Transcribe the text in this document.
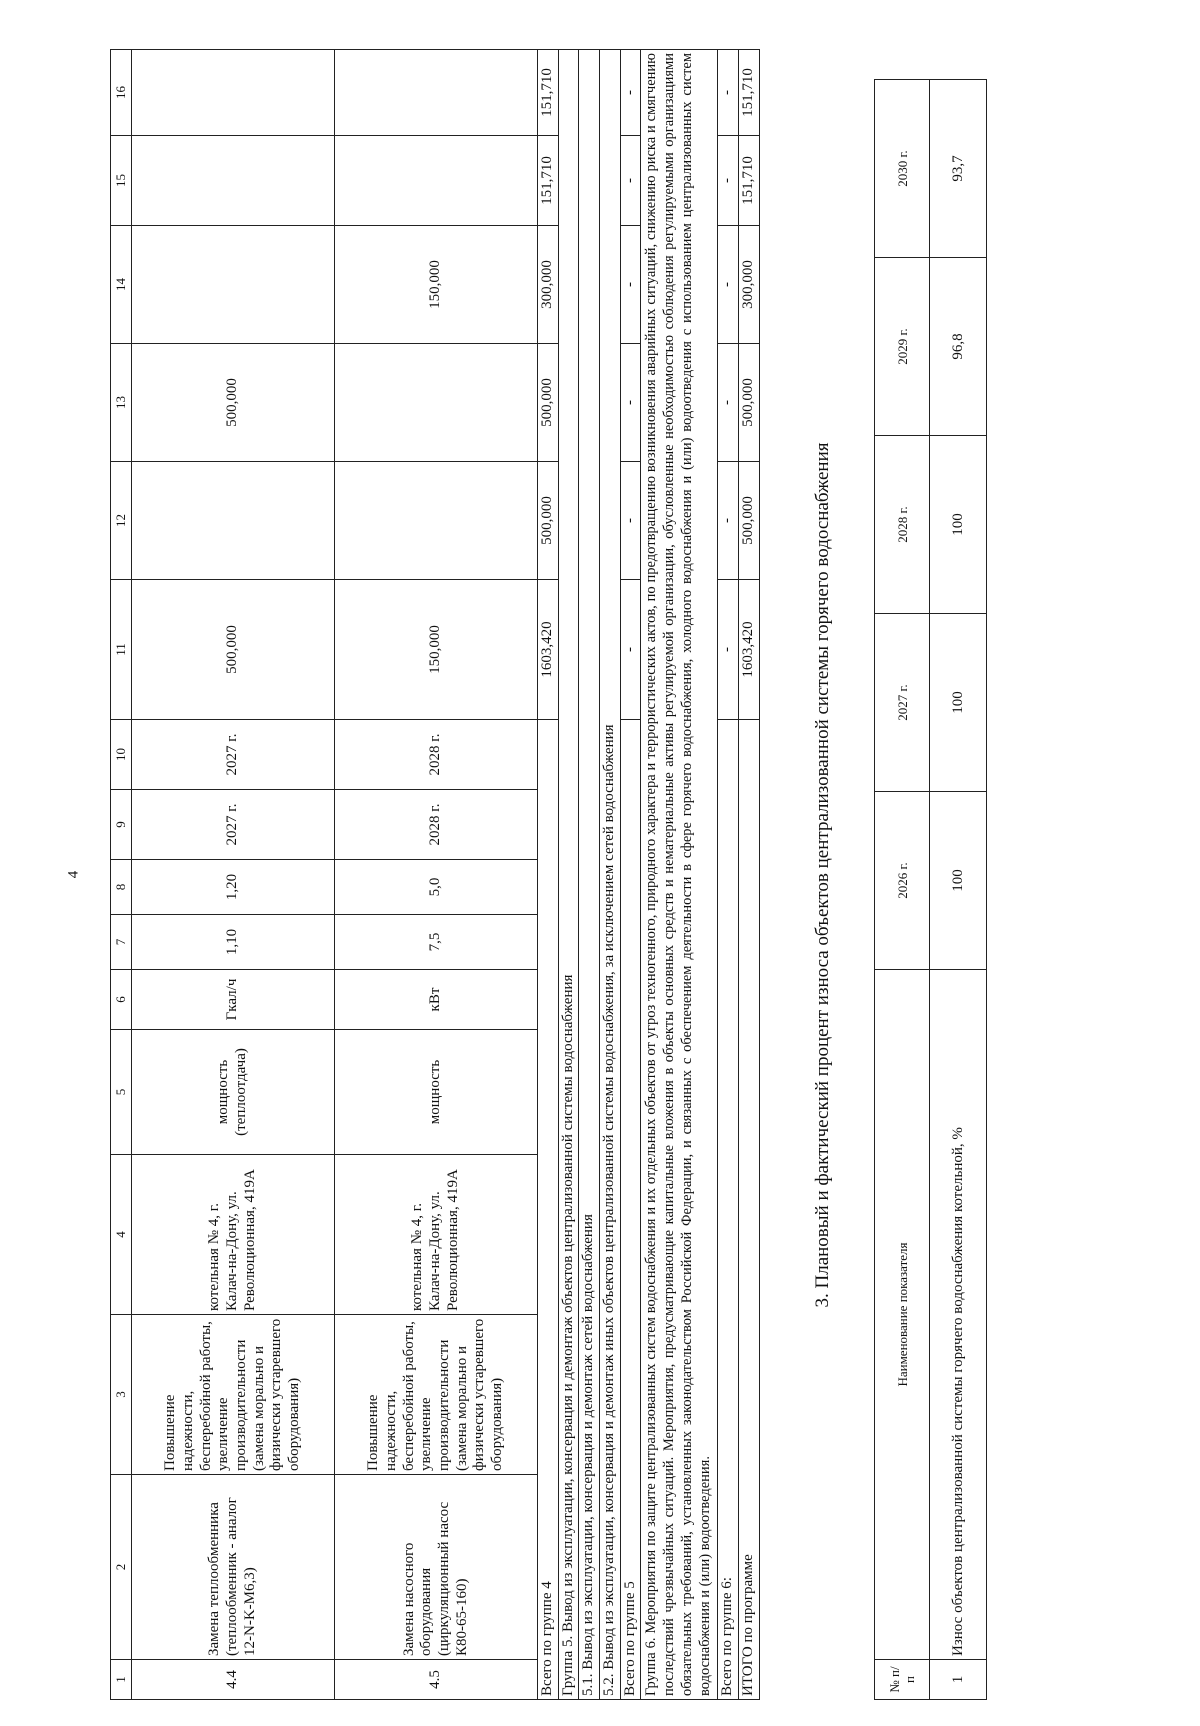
4
1	2	3	4	5	6	7	8	9	10	11	12	13	14	15	16
4.4	Замена теплообменника (теплообменник - аналог 12-N-K-M6,3)	Повышение надежности, бесперебойной работы, увеличение производительности (замена морально и физически устаревшего оборудования)	котельная № 4, г. Калач-на-Дону, ул. Революционная, 419А	мощность (теплоотдача)	Гкал/ч	1,10	1,20	2027 г.	2027 г.	500,000		500,000			
4.5	Замена насосного оборудования (циркуляционный насос К80-65-160)	Повышение надежности, бесперебойной работы, увеличение производительности (замена морально и физически устаревшего оборудования)	котельная № 4, г. Калач-на-Дону, ул. Революционная, 419А	мощность	кВт	7,5	5,0	2028 г.	2028 г.	150,000			150,000		
Всего по группе 4										1603,420	500,000	500,000	300,000	151,710	151,710
Группа 5. Вывод из эксплуатации, консервация и демонтаж объектов централизованной системы водоснабжения															
5.1. Вывод из эксплуатации, консервация и демонтаж сетей водоснабжения															
5.2. Вывод из эксплуатации, консервация и демонтаж иных объектов централизованной системы водоснабжения, за исключением сетей водоснабжения															
Всего по группе 5										-	-	-	-	-	-
Группа 6. Мероприятия по защите централизованных систем водоснабжения и их отдельных объектов от угроз техногенного, природного характера и террористических актов, по предотвращению возникновения аварийных ситуаций, снижению риска и смягчению последствий чрезвычайных ситуаций. Мероприятия, предусматривающие капитальные вложения в объекты основных средств и нематериальные активы регулируемой организации, обусловленные необходимостью соблюдения регулируемыми организациями обязательных требований, установленных законодательством Российской Федерации, и связанных с обеспечением деятельности в сфере горячего водоснабжения, холодного водоснабжения и (или) водоотведения с использованием централизованных систем водоснабжения и (или) водоотведения.															
Всего по группе 6:										-	-	-	-	-	-
ИТОГО по программе										1603,420	500,000	500,000	300,000	151,710	151,710
3. Плановый и фактический процент износа объектов централизованной системы горячего водоснабжения
№ п/п	Наименование показателя	2026 г.	2027 г.	2028 г.	2029 г.	2030 г.
1	Износ объектов централизованной системы горячего водоснабжения котельной, %	100	100	100	96,8	93,7
